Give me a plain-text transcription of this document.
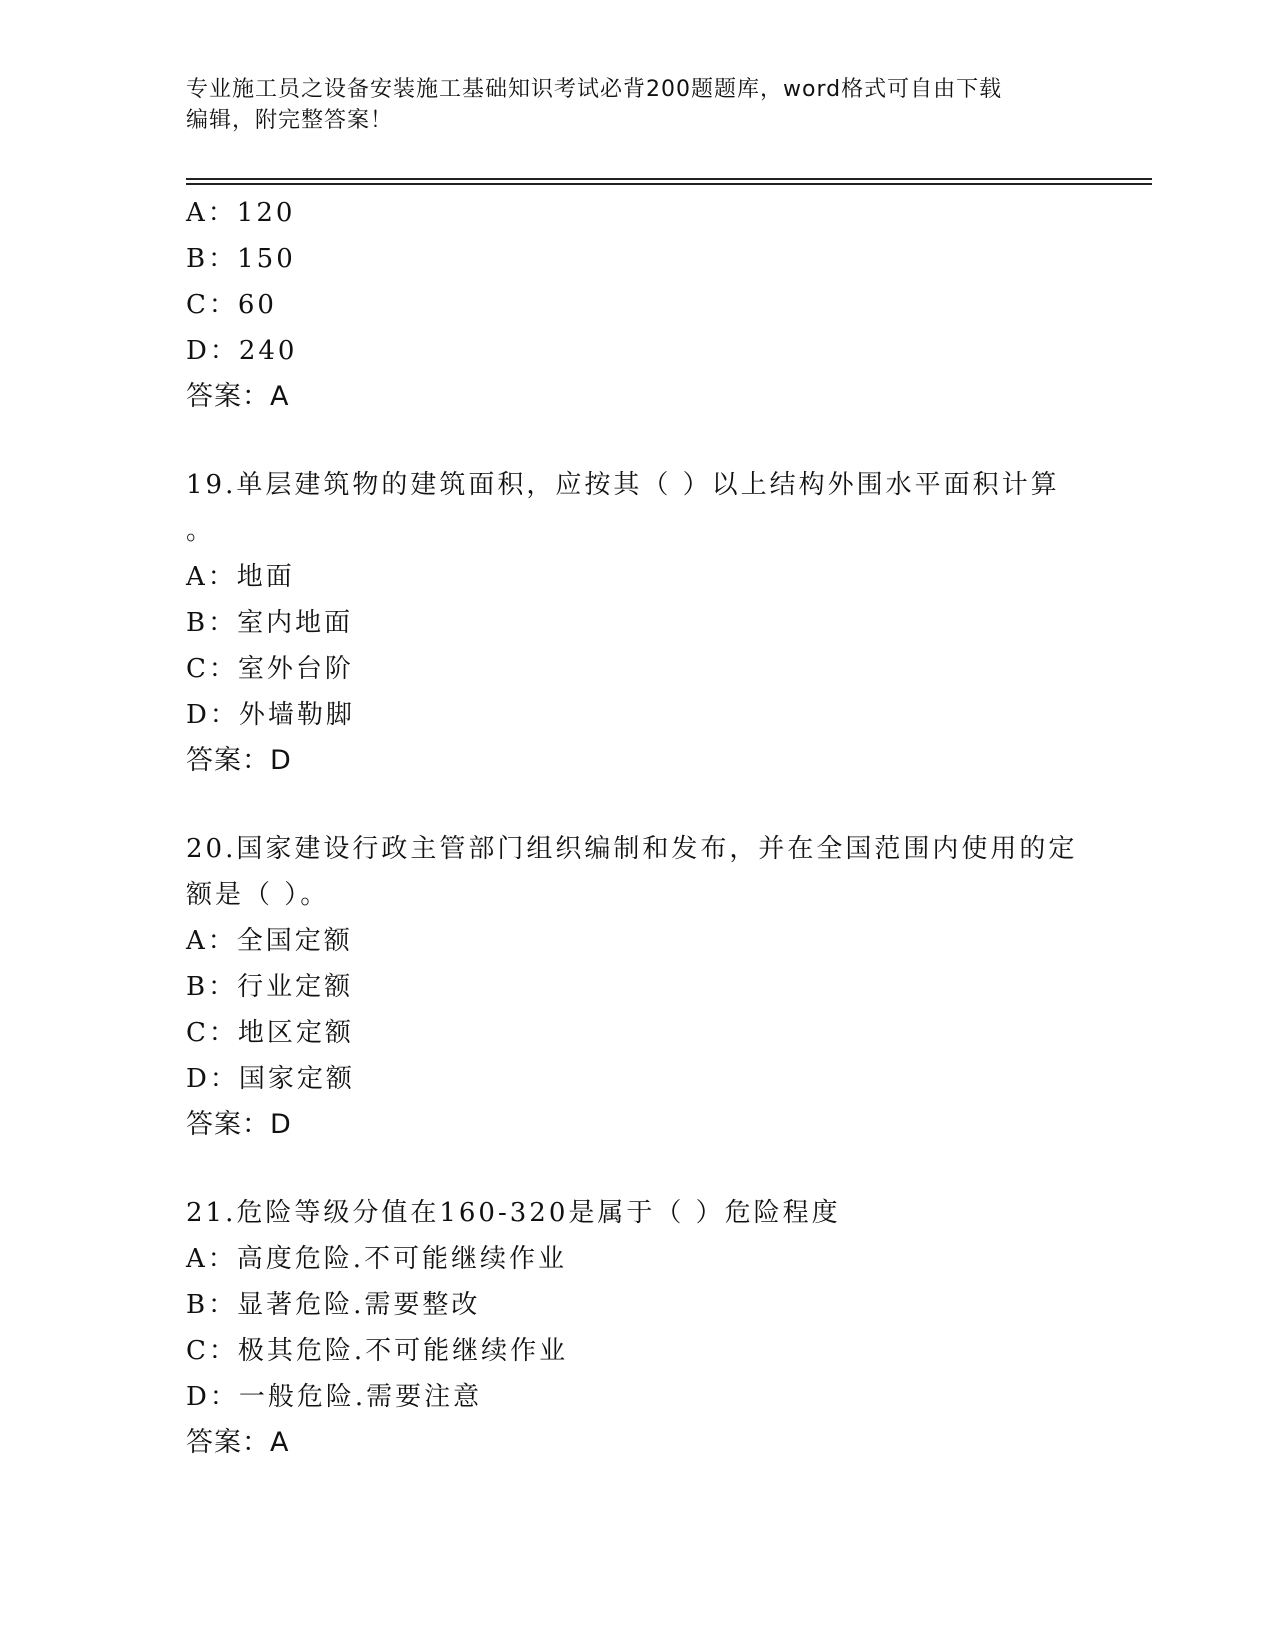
专业施工员之设备安装施工基础知识考试必背200题题库，word格式可自由下载
编辑，附完整答案！
A：120
B：150
C：60
D：240
答案：A
19.单层建筑物的建筑面积，应按其（ ）以上结构外围水平面积计算
。
A：地面
B：室内地面
C：室外台阶
D：外墙勒脚
答案：D
20.国家建设行政主管部门组织编制和发布，并在全国范围内使用的定
额是（ ）。
A：全国定额
B：行业定额
C：地区定额
D：国家定额
答案：D
21.危险等级分值在160-320是属于（ ）危险程度
A：高度危险.不可能继续作业
B：显著危险.需要整改
C：极其危险.不可能继续作业
D：一般危险.需要注意
答案：A
